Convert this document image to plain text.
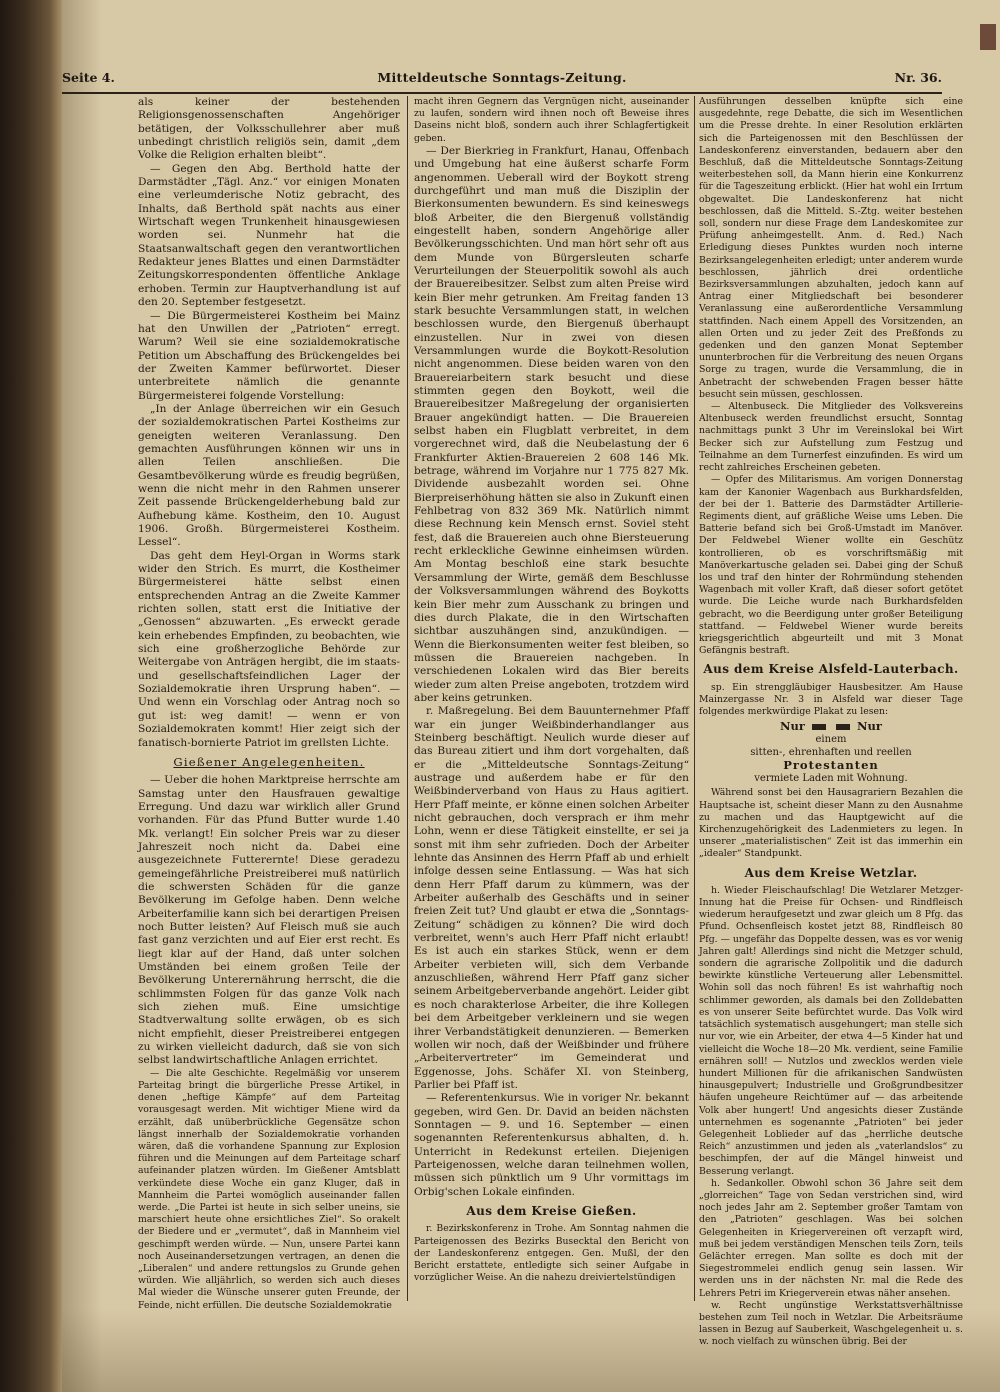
Mitteldeutsche Sonntags-Zeitung.
Seite 4.	Nr. 36.

als keiner der bestehenden Religionsgenossenschaften Angehöriger betätigen, der Volksschullehrer aber muß unbedingt christlich religiös sein, damit „dem Volke die Religion erhalten bleibt“.

— Gegen den Abg. Berthold hatte der Darmstädter „Tägl. Anz.“ vor einigen Monaten eine verleumderische Notiz gebracht, des Inhalts, daß Berthold spät nachts aus einer Wirtschaft wegen Trunkenheit hinausgewiesen worden sei. Nunmehr hat die Staatsanwaltschaft gegen den verantwortlichen Redakteur jenes Blattes und einen Darmstädter Zeitungskorrespondenten öffentliche Anklage erhoben. Termin zur Hauptverhandlung ist auf den 20. September festgesetzt.

— Die Bürgermeisterei Kostheim bei Mainz hat den Unwillen der „Patrioten“ erregt. Warum? Weil sie eine sozialdemokratische Petition um Abschaffung des Brückengeldes bei der Zweiten Kammer befürwortet. Dieser unterbreitete nämlich die genannte Bürgermeisterei folgende Vorstellung:

„In der Anlage überreichen wir ein Gesuch der sozialdemokratischen Partei Kostheims zur geneigten weiteren Veranlassung. Den gemachten Ausführungen können wir uns in allen Teilen anschließen. Die Gesamtbevölkerung würde es freudig begrüßen, wenn die nicht mehr in den Rahmen unserer Zeit passende Brückengelderhebung bald zur Aufhebung käme. Kostheim, den 10. August 1906. Großh. Bürgermeisterei Kostheim. Lessel“.

Das geht dem Heyl-Organ in Worms stark wider den Strich. Es murrt, die Kostheimer Bürgermeisterei hätte selbst einen entsprechenden Antrag an die Zweite Kammer richten sollen, statt erst die Initiative der „Genossen“ abzuwarten. „Es erweckt gerade kein erhebendes Empfinden, zu beobachten, wie sich eine großherzogliche Behörde zur Weitergabe von Anträgen hergibt, die im staats- und gesellschaftsfeindlichen Lager der Sozialdemokratie ihren Ursprung haben“. — Und wenn ein Vorschlag oder Antrag noch so gut ist: weg damit! — wenn er von Sozialdemokraten kommt! Hier zeigt sich der fanatisch-bornierte Patriot im grellsten Lichte.

Gießener Angelegenheiten.

— Ueber die hohen Marktpreise herrschte am Samstag unter den Hausfrauen gewaltige Erregung. Und dazu war wirklich aller Grund vorhanden. Für das Pfund Butter wurde 1.40 Mk. verlangt! Ein solcher Preis war zu dieser Jahreszeit noch nicht da. Dabei eine ausgezeichnete Futterernte! Diese geradezu gemeingefährliche Preistreiberei muß natürlich die schwersten Schäden für die ganze Bevölkerung im Gefolge haben. Denn welche Arbeiterfamilie kann sich bei derartigen Preisen noch Butter leisten? Auf Fleisch muß sie auch fast ganz verzichten und auf Eier erst recht. Es liegt klar auf der Hand, daß unter solchen Umständen bei einem großen Teile der Bevölkerung Unterernährung herrscht, die die schlimmsten Folgen für das ganze Volk nach sich ziehen muß. Eine umsichtige Stadtverwaltung sollte erwägen, ob es sich nicht empfiehlt, dieser Preistreiberei entgegen zu wirken vielleicht dadurch, daß sie von sich selbst landwirtschaftliche Anlagen errichtet.

— Die alte Geschichte. Regelmäßig vor unserem Parteitag bringt die bürgerliche Presse Artikel, in denen „heftige Kämpfe“ auf dem Parteitag vorausgesagt werden. Mit wichtiger Miene wird da erzählt, daß unüberbrückliche Gegensätze schon längst innerhalb der Sozialdemokratie vorhanden wären, daß die vorhandene Spannung zur Explosion führen und die Meinungen auf dem Parteitage scharf aufeinander platzen würden. Im Gießener Amtsblatt verkündete diese Woche ein ganz Kluger, daß in Mannheim die Partei womöglich auseinander fallen werde. „Die Partei ist heute in sich selber uneins, sie marschiert heute ohne ersichtliches Ziel“. So orakelt der Biedere und er „vermutet“, daß in Mannheim viel geschimpft werden würde. — Nun, unsere Partei kann noch Auseinandersetzungen vertragen, an denen die „Liberalen“ und andere rettungslos zu Grunde gehen würden. Wie alljährlich, so werden sich auch dieses Mal wieder die Wünsche unserer guten Freunde, der Feinde, nicht erfüllen. Die deutsche Sozialdemokratie

macht ihren Gegnern das Vergnügen nicht, auseinander zu laufen, sondern wird ihnen noch oft Beweise ihres Daseins nicht bloß, sondern auch ihrer Schlagfertigkeit geben.

— Der Bierkrieg in Frankfurt, Hanau, Offenbach und Umgebung hat eine äußerst scharfe Form angenommen. Ueberall wird der Boykott streng durchgeführt und man muß die Disziplin der Bierkonsumenten bewundern. Es sind keineswegs bloß Arbeiter, die den Biergenuß vollständig eingestellt haben, sondern Angehörige aller Bevölkerungsschichten. Und man hört sehr oft aus dem Munde von Bürgersleuten scharfe Verurteilungen der Steuerpolitik sowohl als auch der Brauereibesitzer. Selbst zum alten Preise wird kein Bier mehr getrunken. Am Freitag fanden 13 stark besuchte Versammlungen statt, in welchen beschlossen wurde, den Biergenuß überhaupt einzustellen. Nur in zwei von diesen Versammlungen wurde die Boykott-Resolution nicht angenommen. Diese beiden waren von den Brauereiarbeitern stark besucht und diese stimmten gegen den Boykott, weil die Brauereibesitzer Maßregelung der organisierten Brauer angekündigt hatten. — Die Brauereien selbst haben ein Flugblatt verbreitet, in dem vorgerechnet wird, daß die Neubelastung der 6 Frankfurter Aktien-Brauereien 2 608 146 Mk. betrage, während im Vorjahre nur 1 775 827 Mk. Dividende ausbezahlt worden sei. Ohne Bierpreiserhöhung hätten sie also in Zukunft einen Fehlbetrag von 832 369 Mk. Natürlich nimmt diese Rechnung kein Mensch ernst. Soviel steht fest, daß die Brauereien auch ohne Biersteuerung recht erkleckliche Gewinne einheimsen würden. Am Montag beschloß eine stark besuchte Versammlung der Wirte, gemäß dem Beschlusse der Volksversammlungen während des Boykotts kein Bier mehr zum Ausschank zu bringen und dies durch Plakate, die in den Wirtschaften sichtbar auszuhängen sind, anzukündigen. — Wenn die Bierkonsumenten weiter fest bleiben, so müssen die Brauereien nachgeben. In verschiedenen Lokalen wird das Bier bereits wieder zum alten Preise angeboten, trotzdem wird aber keins getrunken.

r. Maßregelung. Bei dem Bauunternehmer Pfaff war ein junger Weißbinderhandlanger aus Steinberg beschäftigt. Neulich wurde dieser auf das Bureau zitiert und ihm dort vorgehalten, daß er die „Mitteldeutsche Sonntags-Zeitung“ austrage und außerdem habe er für den Weißbinderverband von Haus zu Haus agitiert. Herr Pfaff meinte, er könne einen solchen Arbeiter nicht gebrauchen, doch versprach er ihm mehr Lohn, wenn er diese Tätigkeit einstellte, er sei ja sonst mit ihm sehr zufrieden. Doch der Arbeiter lehnte das Ansinnen des Herrn Pfaff ab und erhielt infolge dessen seine Entlassung. — Was hat sich denn Herr Pfaff darum zu kümmern, was der Arbeiter außerhalb des Geschäfts und in seiner freien Zeit tut? Und glaubt er etwa die „Sonntags-Zeitung“ schädigen zu können? Die wird doch verbreitet, wenn's auch Herr Pfaff nicht erlaubt! Es ist auch ein starkes Stück, wenn er dem Arbeiter verbieten will, sich dem Verbande anzuschließen, während Herr Pfaff ganz sicher seinem Arbeitgeberverbande angehört. Leider gibt es noch charakterlose Arbeiter, die ihre Kollegen bei dem Arbeitgeber verkleinern und sie wegen ihrer Verbandstätigkeit denunzieren. — Bemerken wollen wir noch, daß der Weißbinder und frühere „Arbeitervertreter“ im Gemeinderat und Eggenosse, Johs. Schäfer XI. von Steinberg, Parlier bei Pfaff ist.

— Referentenkursus. Wie in voriger Nr. bekannt gegeben, wird Gen. Dr. David an beiden nächsten Sonntagen — 9. und 16. September — einen sogenannten Referentenkursus abhalten, d. h. Unterricht in Redekunst erteilen. Diejenigen Parteigenossen, welche daran teilnehmen wollen, müssen sich pünktlich um 9 Uhr vormittags im Orbig'schen Lokale einfinden.

Aus dem Kreise Gießen.

r. Bezirkskonferenz in Trohe. Am Sonntag nahmen die Parteigenossen des Bezirks Busecktal den Bericht von der Landeskonferenz entgegen. Gen. Mußl, der den Bericht erstattete, entledigte sich seiner Aufgabe in vorzüglicher Weise. An die nahezu dreiviertelstündigen

Ausführungen desselben knüpfte sich eine ausgedehnte, rege Debatte, die sich im Wesentlichen um die Presse drehte. In einer Resolution erklärten sich die Parteigenossen mit den Beschlüssen der Landeskonferenz einverstanden, bedauern aber den Beschluß, daß die Mitteldeutsche Sonntags-Zeitung weiterbestehen soll, da Mann hierin eine Konkurrenz für die Tageszeitung erblickt. (Hier hat wohl ein Irrtum obgewaltet. Die Landeskonferenz hat nicht beschlossen, daß die Mitteld. S.-Ztg. weiter bestehen soll, sondern nur diese Frage dem Landeskomitee zur Prüfung anheimgestellt. Anm. d. Red.) Nach Erledigung dieses Punktes wurden noch interne Bezirksangelegenheiten erledigt; unter anderem wurde beschlossen, jährlich drei ordentliche Bezirksversammlungen abzuhalten, jedoch kann auf Antrag einer Mitgliedschaft bei besonderer Veranlassung eine außerordentliche Versammlung stattfinden. Nach einem Appell des Vorsitzenden, an allen Orten und zu jeder Zeit des Preßfonds zu gedenken und den ganzen Monat September ununterbrochen für die Verbreitung des neuen Organs Sorge zu tragen, wurde die Versammlung, die in Anbetracht der schwebenden Fragen besser hätte besucht sein müssen, geschlossen.

— Altenbuseck. Die Mitglieder des Volksvereins Altenbuseck werden freundlichst ersucht, Sonntag nachmittags punkt 3 Uhr im Vereinslokal bei Wirt Becker sich zur Aufstellung zum Festzug und Teilnahme an dem Turnerfest einzufinden. Es wird um recht zahlreiches Erscheinen gebeten.

— Opfer des Militarismus. Am vorigen Donnerstag kam der Kanonier Wagenbach aus Burkhardsfelden, der bei der 1. Batterie des Darmstädter Artillerie-Regiments dient, auf gräßliche Weise ums Leben. Die Batterie befand sich bei Groß-Umstadt im Manöver. Der Feldwebel Wiener wollte ein Geschütz kontrollieren, ob es vorschriftsmäßig mit Manöverkartusche geladen sei. Dabei ging der Schuß los und traf den hinter der Rohrmündung stehenden Wagenbach mit voller Kraft, daß dieser sofort getötet wurde. Die Leiche wurde nach Burkhardsfelden gebracht, wo die Beerdigung unter großer Beteiligung stattfand. — Feldwebel Wiener wurde bereits kriegsgerichtlich abgeurteilt und mit 3 Monat Gefängnis bestraft.

Aus dem Kreise Alsfeld-Lauterbach.

sp. Ein strenggläubiger Hausbesitzer. Am Hause Mainzergasse Nr. 3 in Alsfeld war dieser Tage folgendes merkwürdige Plakat zu lesen:

Nur	Nur
einem
sitten-, ehrenhaften und reellen
Protestanten
vermiete Laden mit Wohnung.

Während sonst bei den Hausagrariern Bezahlen die Hauptsache ist, scheint dieser Mann zu den Ausnahme zu machen und das Hauptgewicht auf die Kirchenzugehörigkeit des Ladenmieters zu legen. In unserer „materialistischen“ Zeit ist das immerhin ein „idealer“ Standpunkt.

Aus dem Kreise Wetzlar.

h. Wieder Fleischaufschlag! Die Wetzlarer Metzger-Innung hat die Preise für Ochsen- und Rindfleisch wiederum heraufgesetzt und zwar gleich um 8 Pfg. das Pfund. Ochsenfleisch kostet jetzt 88, Rindfleisch 80 Pfg. — ungefähr das Doppelte dessen, was es vor wenig Jahren galt! Allerdings sind nicht die Metzger schuld, sondern die agrarische Zollpolitik und die dadurch bewirkte künstliche Verteuerung aller Lebensmittel. Wohin soll das noch führen! Es ist wahrhaftig noch schlimmer geworden, als damals bei den Zolldebatten es von unserer Seite befürchtet wurde. Das Volk wird tatsächlich systematisch ausgehungert; man stelle sich nur vor, wie ein Arbeiter, der etwa 4—5 Kinder hat und vielleicht die Woche 18—20 Mk. verdient, seine Familie ernähren soll! — Nutzlos und zwecklos werden viele hundert Millionen für die afrikanischen Sandwüsten hinausgepulvert; Industrielle und Großgrundbesitzer häufen ungeheure Reichtümer auf — das arbeitende Volk aber hungert! Und angesichts dieser Zustände unternehmen es sogenannte „Patrioten“ bei jeder Gelegenheit Loblieder auf das „herrliche deutsche Reich“ anzustimmen und jeden als „vaterlandslos“ zu beschimpfen, der auf die Mängel hinweist und Besserung verlangt.

h. Sedankoller. Obwohl schon 36 Jahre seit dem „glorreichen“ Tage von Sedan verstrichen sind, wird noch jedes Jahr am 2. September großer Tamtam von den „Patrioten“ geschlagen. Was bei solchen Gelegenheiten in Kriegervereinen oft verzapft wird, muß bei jedem verständigen Menschen teils Zorn, teils Gelächter erregen. Man sollte es doch mit der Siegestrommelei endlich genug sein lassen. Wir werden uns in der nächsten Nr. mal die Rede des Lehrers Petri im Kriegerverein etwas näher ansehen.

w. Recht ungünstige Werkstattsverhältnisse bestehen zum Teil noch in Wetzlar. Die Arbeitsräume lassen in Bezug auf Sauberkeit, Waschgelegenheit u. s. w. noch vielfach zu wünschen übrig. Bei der
